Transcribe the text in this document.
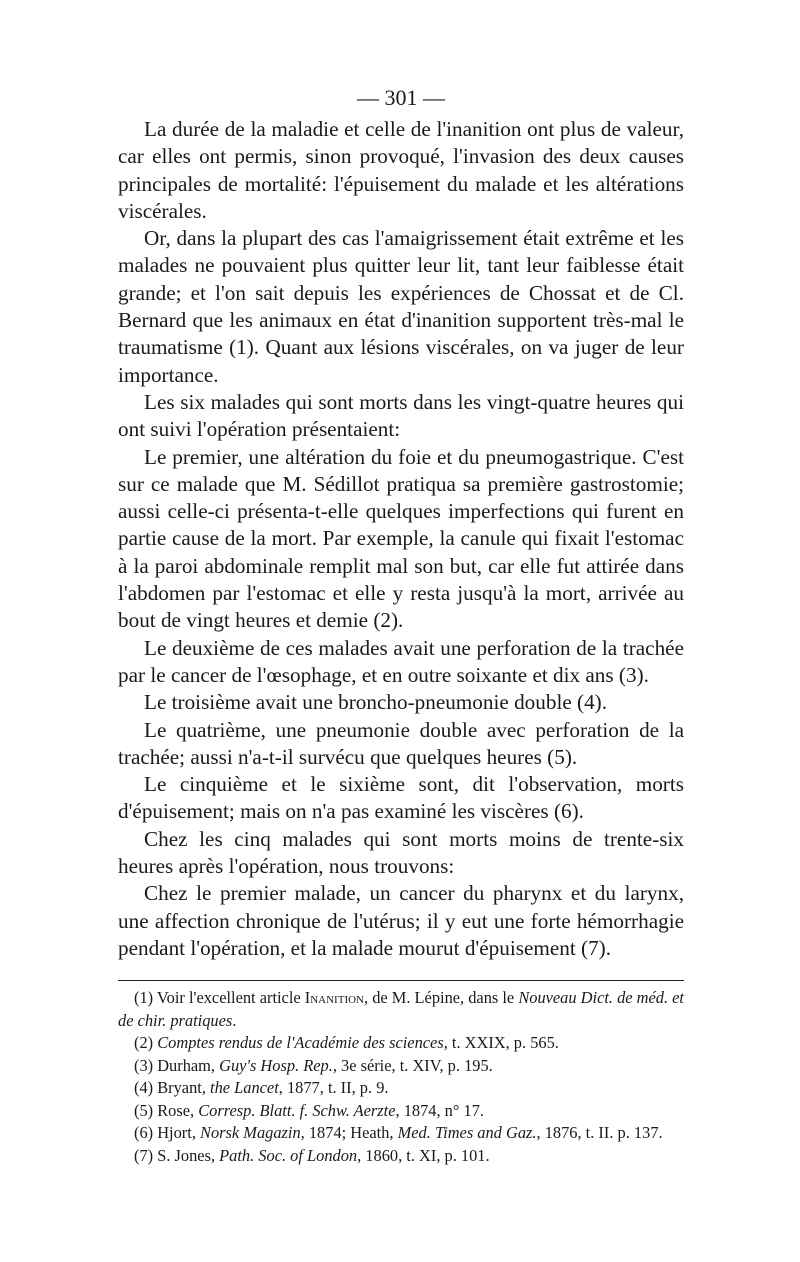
— 301 —

La durée de la maladie et celle de l'inanition ont plus de valeur, car elles ont permis, sinon provoqué, l'invasion des deux causes principales de mortalité: l'épuisement du malade et les altérations viscérales.

Or, dans la plupart des cas l'amaigrissement était extrême et les malades ne pouvaient plus quitter leur lit, tant leur faiblesse était grande; et l'on sait depuis les expériences de Chossat et de Cl. Bernard que les animaux en état d'inanition supportent très-mal le traumatisme (1). Quant aux lésions viscérales, on va juger de leur importance.

Les six malades qui sont morts dans les vingt-quatre heures qui ont suivi l'opération présentaient:

Le premier, une altération du foie et du pneumogastrique. C'est sur ce malade que M. Sédillot pratiqua sa première gastrostomie; aussi celle-ci présenta-t-elle quelques imperfections qui furent en partie cause de la mort. Par exemple, la canule qui fixait l'estomac à la paroi abdominale remplit mal son but, car elle fut attirée dans l'abdomen par l'estomac et elle y resta jusqu'à la mort, arrivée au bout de vingt heures et demie (2).

Le deuxième de ces malades avait une perforation de la trachée par le cancer de l'œsophage, et en outre soixante et dix ans (3).

Le troisième avait une broncho-pneumonie double (4).

Le quatrième, une pneumonie double avec perforation de la trachée; aussi n'a-t-il survécu que quelques heures (5).

Le cinquième et le sixième sont, dit l'observation, morts d'épuisement; mais on n'a pas examiné les viscères (6).

Chez les cinq malades qui sont morts moins de trente-six heures après l'opération, nous trouvons:

Chez le premier malade, un cancer du pharynx et du larynx, une affection chronique de l'utérus; il y eut une forte hémorrhagie pendant l'opération, et la malade mourut d'épuisement (7).

(1) Voir l'excellent article Inanition, de M. Lépine, dans le Nouveau Dict. de méd. et de chir. pratiques.

(2) Comptes rendus de l'Académie des sciences, t. XXIX, p. 565.

(3) Durham, Guy's Hosp. Rep., 3e série, t. XIV, p. 195.

(4) Bryant, the Lancet, 1877, t. II, p. 9.

(5) Rose, Corresp. Blatt. f. Schw. Aerzte, 1874, n° 17.

(6) Hjort, Norsk Magazin, 1874; Heath, Med. Times and Gaz., 1876, t. II. p. 137.

(7) S. Jones, Path. Soc. of London, 1860, t. XI, p. 101.
